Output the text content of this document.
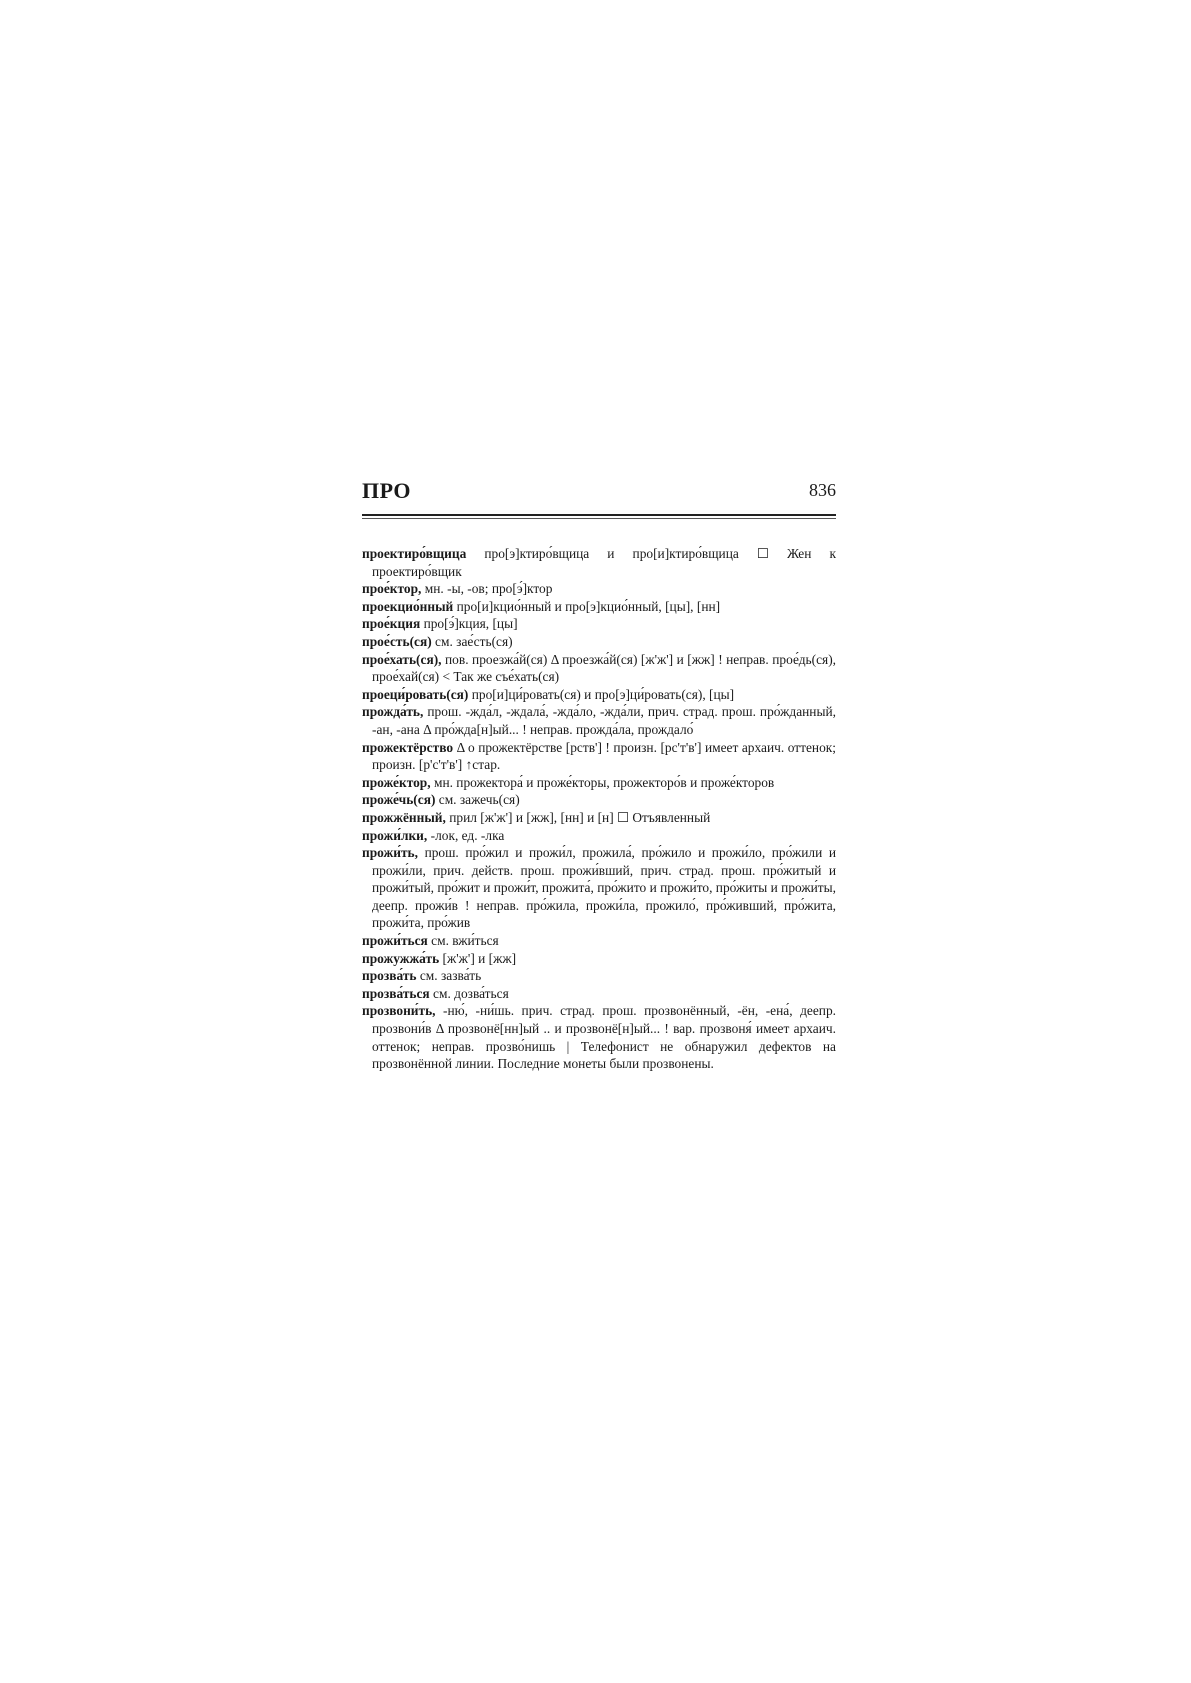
ПРО	836

проектиро́вщица про[э]ктиро́вщица и про[и]ктиро́вщица ☐ Жен к проектиро́вщик

прое́ктор, мн. -ы, -ов; про[э́]ктор

проекцио́нный про[и]кцио́нный и про[э]кцио́нный, [цы], [нн]

прое́кция про[э́]кция, [цы]

прое́сть(ся) см. зае́сть(ся)

прое́хать(ся), пов. проезжа́й(ся) Δ проезжа́й(ся) [ж'ж'] и [жж] ! неправ. прое́дь(ся), прое́хай(ся) < Так же съе́хать(ся)

проеци́ровать(ся) про[и]ци́ровать(ся) и про[э]ци́ровать(ся), [цы]

прожда́ть, прош. -жда́л, -ждала́, -жда́ло, -жда́ли, прич. страд. прош. про́жданный, -ан, -ана Δ про́жда[н]ый... ! неправ. прожда́ла, прождало́

прожектёрство Δ о прожектёрстве [рств'] ! произн. [рс'т'в'] имеет архаич. оттенок; произн. [р'с'т'в'] ↑стар.

проже́ктор, мн. прожектора́ и проже́кторы, прожекторо́в и проже́кторов

проже́чь(ся) см. зажечь(ся)

прожжённый, прил [ж'ж'] и [жж], [нн] и [н] ☐ Отъявленный

прожи́лки, -лок, ед. -лка

прожи́ть, прош. про́жил и прожи́л, прожила́, про́жило и прожи́ло, про́жили и прожи́ли, прич. действ. прош. прожи́вший, прич. страд. прош. про́житый и прожи́тый, про́жит и прожи́т, прожита́, про́жито и прожи́то, про́житы и прожи́ты, деепр. прожи́в ! неправ. про́жила, прожи́ла, прожило́, про́живший, про́жита, прожи́та, про́жив

прожи́ться см. вжи́ться

прожужжа́ть [ж'ж'] и [жж]

прозва́ть см. зазва́ть

прозва́ться см. дозва́ться

прозвони́ть, -ню́, -ни́шь. прич. страд. прош. прозвонённый, -ён, -ена́, деепр. прозвони́в Δ прозвонё[нн]ый .. и прозвонё[н]ый... ! вар. прозвоня́ имеет архаич. оттенок; неправ. прозво́нишь | Телефонист не обнаружил дефектов на прозвонённой линии. Последние монеты были прозвонены.
